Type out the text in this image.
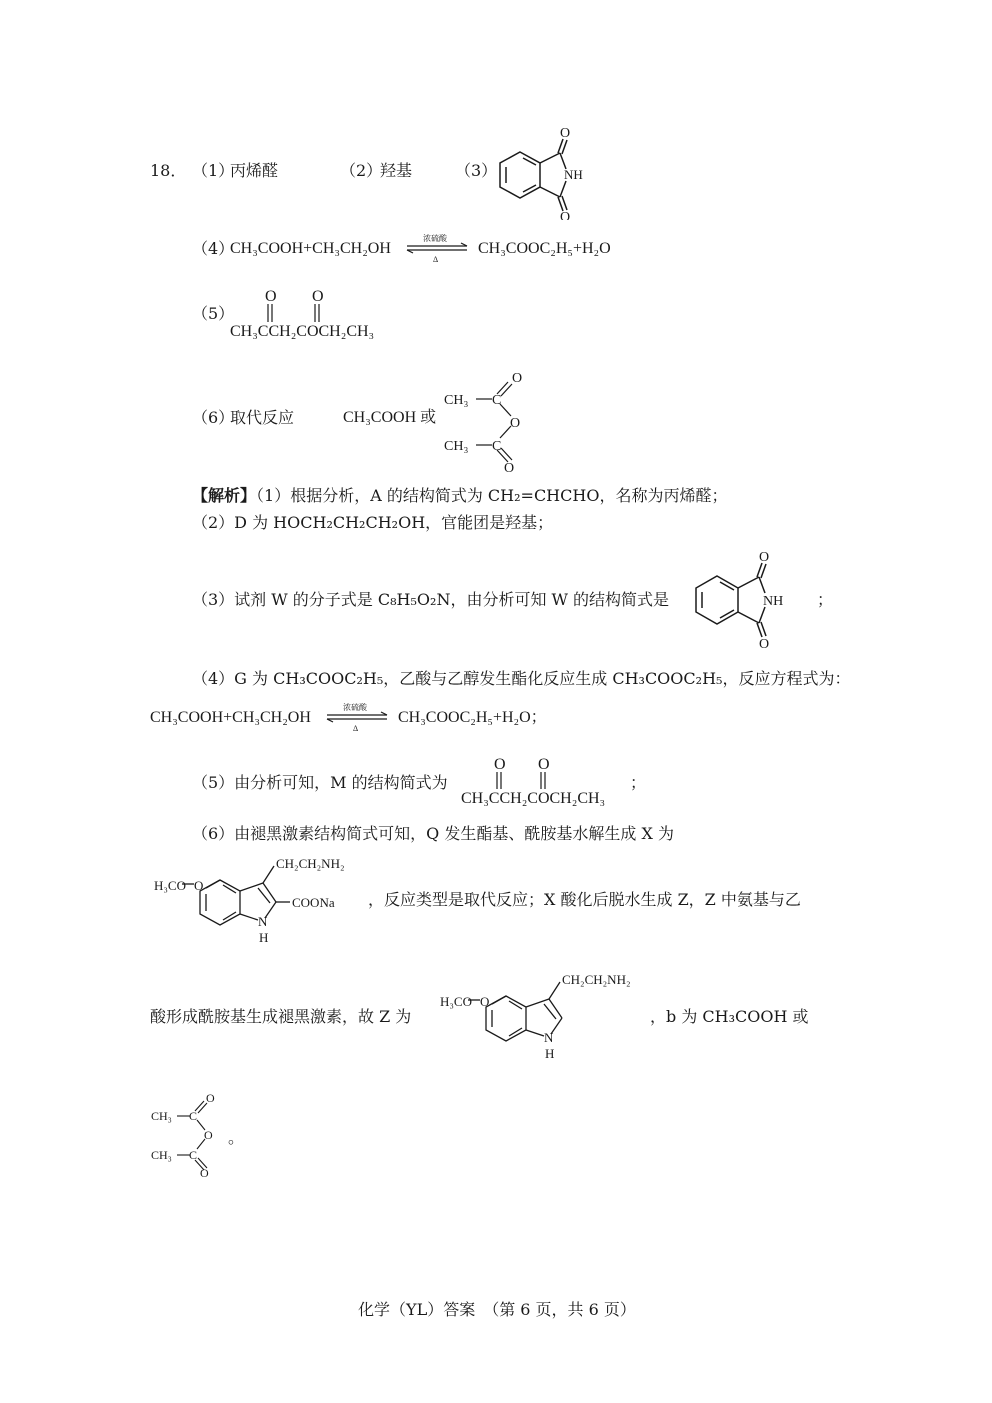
18． （1）
丙烯醛	（2）
羟基	（3）
O
NH
O
（4）
CH₃COOH+CH₃CH₂OH
浓硫酸
Δ
CH₃COOC₂H₅+H₂O
（5）
O O
CH₃CCH₂COCH₂CH₃
（6）
取代反应	CH₃COOH 或
O
CH₃ C
O
CH₃ C
O
【解析】（1）根据分析，A 的结构简式为 CH₂=CHCHO，名称为丙烯醛；
（2）D 为 HOCH₂CH₂CH₂OH，官能团是羟基；
（3）试剂 W 的分子式是 C₈H₅O₂N，由分析可知 W 的结构简式是
O
NH
O
；
（4）G 为 CH₃COOC₂H₅，乙酸与乙醇发生酯化反应生成 CH₃COOC₂H₅，反应方程式为：
CH₃COOH+CH₃CH₂OH
浓硫酸
Δ
CH₃COOC₂H₅+H₂O；
（5）由分析可知，M 的结构简式为
O O
CH₃CCH₂COCH₂CH₃
；
（6）由褪黑激素结构简式可知，Q 发生酯基、酰胺基水解生成 X 为
H₃CO O
CH₂CH₂NH₂
COONa
N
H
，反应类型是取代反应；X 酸化后脱水生成 Z，Z 中氨基与乙
酸形成酰胺基生成褪黑激素，故 Z 为
H₃CO O
CH₂CH₂NH₂
N
H
，b 为 CH₃COOH 或
O
CH₃ C
O
CH₃ C
O
。
化学（YL）答案　（第 6 页，共 6 页）
